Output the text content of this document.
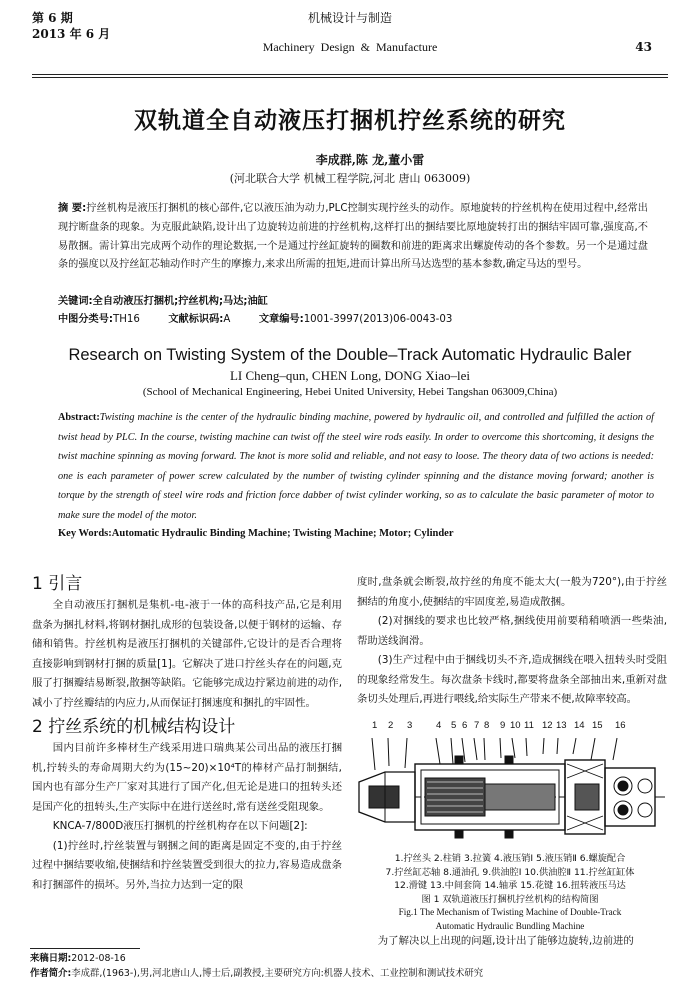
第 6 期
2013 年 6 月
机械设计与制造
Machinery Design & Manufacture	43
双轨道全自动液压打捆机拧丝系统的研究
李成群,陈 龙,董小雷
(河北联合大学 机械工程学院,河北 唐山 063009)
摘 要:拧丝机构是液压打捆机的核心部件,它以液压油为动力,PLC控制实现拧丝头的动作。原地旋转的拧丝机构在使用过程中,经常出现拧断盘条的现象。为克服此缺陷,设计出了边旋转边前进的拧丝机构,这样打出的捆结要比原地旋转打出的捆结牢固可靠,强度高,不易散捆。需计算出完成两个动作的理论数据,一个是通过拧丝缸旋转的圈数和前进的距离求出螺旋传动的各个参数。另一个是通过盘条的强度以及拧丝缸芯轴动作时产生的摩擦力,来求出所需的扭矩,进而计算出所马达选型的基本参数,确定马达的型号。
关键词:全自动液压打捆机;拧丝机构;马达;油缸
中图分类号:TH16	文献标识码:A	文章编号:1001-3997(2013)06-0043-03
Research on Twisting System of the Double–Track Automatic Hydraulic Baler
LI Cheng–qun, CHEN Long, DONG Xiao–lei
(School of Mechanical Engineering, Hebei United University, Hebei Tangshan 063009,China)
Abstract:Twisting machine is the center of the hydraulic binding machine, powered by hydraulic oil, and controlled and fulfilled the action of twist head by PLC. In the course, twisting machine can twist off the steel wire rods easily. In order to overcome this shortcoming, it designs the twist machine spinning as moving forward. The knot is more solid and reliable, and not easy to loose. The theory data of two actions is needed: one is each parameter of power screw calculated by the number of twisting cylinder spinning and the distance moving forward; another is torque by the strength of steel wire rods and friction force dabber of twist cylinder working, so as to calculate the basic parameter of motor to make sure the model of the motor.
Key Words:Automatic Hydraulic Binding Machine; Twisting Machine; Motor; Cylinder
1 引言

全自动液压打捆机是集机-电-液于一体的高科技产品,它是利用盘条为捆扎材料,将钢材捆扎成形的包装设备,以便于钢材的运输、存储和销售。拧丝机构是液压打捆机的关键部件,它设计的是否合理将直接影响到钢材打捆的质量[1]。它解决了进口拧丝头存在的问题,克服了打捆瓣结易断裂,散捆等缺陷。它能够完成边拧紧边前进的动作,减小了拧丝瓣结的内应力,从而保证打捆速度和捆扎的牢固性。

2 拧丝系统的机械结构设计

国内目前许多棒材生产线采用进口瑞典某公司出品的液压打捆机,拧转头的寿命周期大约为(15~20)×10⁴T的棒材产品打制捆结,国内也有部分生产厂家对其进行了国产化,但无论是进口的扭转头还是国产化的扭转头,生产实际中在进行送丝时,常有送丝受阻现象。

KNCA-7/800D液压打捆机的拧丝机构存在以下问题[2]:

(1)拧丝时,拧丝装置与钢捆之间的距离是固定不变的,由于拧丝过程中捆结要收缩,使捆结和拧丝装置受到很大的拉力,容易造成盘条和打捆部件的损坏。另外,当拉力达到一定的限

度时,盘条就会断裂,故拧丝的角度不能太大(一般为720°),由于拧丝捆结的角度小,使捆结的牢固度差,易造成散捆。

(2)对捆线的要求也比较严格,捆线使用前要稍稍喷洒一些柴油,帮助送线润滑。

(3)生产过程中由于捆线切头不齐,造成捆线在喂入扭转头时受阻的现象经常发生。每次盘条卡线时,都要将盘条全部抽出来,重新对盘条切头处理后,再进行喂线,给实际生产带来不便,故障率较高。

1 2 3 4 5 6 7 8 9 10 11 12 13 14 15 16
1.拧丝头 2.柱销 3.拉簧 4.液压销Ⅰ 5.液压销Ⅱ 6.螺旋配合
7.拧丝缸芯轴 8.通油孔 9.供油腔Ⅰ 10.供油腔Ⅱ 11.拧丝缸缸体
12.滑键 13.中间套筒 14.轴承 15.花键 16.扭转液压马达
图 1 双轨道液压打捆机拧丝机构的结构简图
Fig.1 The Mechanism of Twisting Machine of Double-Track
Automatic Hydraulic Bundling Machine

为了解决以上出现的问题,设计出了能够边旋转,边前进的

来稿日期:2012-08-16
作者简介:李成群,(1963-),男,河北唐山人,博士后,副教授,主要研究方向:机器人技术、工业控制和测试技术研究
